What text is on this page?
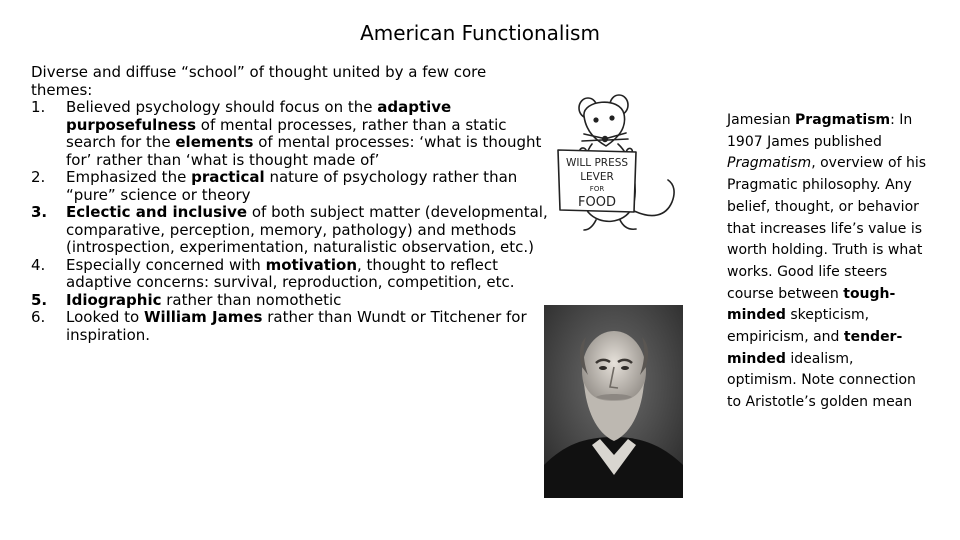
American Functionalism

Diverse and diffuse “school” of thought united by a few core themes:

1. Believed psychology should focus on the adaptive purposefulness of mental processes, rather than a static search for the elements of mental processes: ‘what is thought for’ rather than ‘what is thought made of’
2. Emphasized the practical nature of psychology rather than “pure” science or theory
3. Eclectic and inclusive of both subject matter (developmental, comparative, perception, memory, pathology) and methods (introspection, experimentation, naturalistic observation, etc.)
4. Especially concerned with motivation, thought to reflect adaptive concerns: survival, reproduction, competition, etc.
5. Idiographic rather than nomothetic
6. Looked to William James rather than Wundt or Titchener for inspiration.
WILL PRESS
LEVER
FOR
FOOD
Jamesian Pragmatism: In 1907 James published Pragmatism, overview of his Pragmatic philosophy. Any belief, thought, or behavior that increases life’s value is worth holding. Truth is what works. Good life steers course between tough-minded skepticism, empiricism, and tender-minded idealism, optimism. Note connection to Aristotle’s golden mean
